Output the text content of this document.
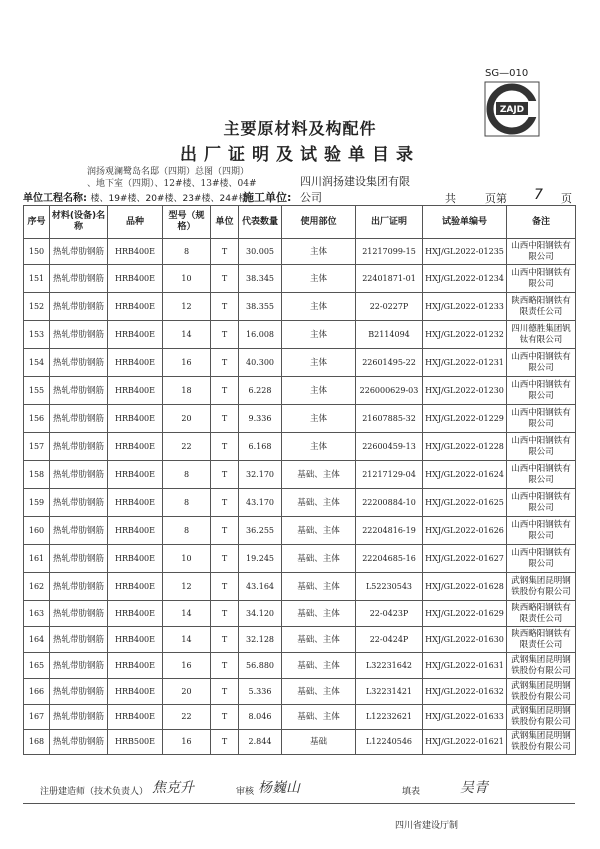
SG—010
ZAJD
主要原材料及构配件
出厂证明及试验单目录
润扬观澜鹭岛名邸（四期）总图（四期）
、地下室（四期）、12#楼、13#楼、04#
单位工程名称: 楼、19#楼、20#楼、23#楼、24#楼
四川润扬建设集团有限
施工单位: 公司	共	页第 7 页
序号	材料(设备)名称	品种	型号（规格）	单位	代表数量	使用部位	出厂证明	试验单编号	备注
150	热轧带肋钢筋	HRB400E	8	T	30.005	主体	21217099-15	HXJ/GL2022-01235	山西中阳钢铁有限公司
151	热轧带肋钢筋	HRB400E	10	T	38.345	主体	22401871-01	HXJ/GL2022-01234	山西中阳钢铁有限公司
152	热轧带肋钢筋	HRB400E	12	T	38.355	主体	22-0227P	HXJ/GL2022-01233	陕西略阳钢铁有限责任公司
153	热轧带肋钢筋	HRB400E	14	T	16.008	主体	B2114094	HXJ/GL2022-01232	四川德胜集团钒钛有限公司
154	热轧带肋钢筋	HRB400E	16	T	40.300	主体	22601495-22	HXJ/GL2022-01231	山西中阳钢铁有限公司
155	热轧带肋钢筋	HRB400E	18	T	6.228	主体	226000629-03	HXJ/GL2022-01230	山西中阳钢铁有限公司
156	热轧带肋钢筋	HRB400E	20	T	9.336	主体	21607885-32	HXJ/GL2022-01229	山西中阳钢铁有限公司
157	热轧带肋钢筋	HRB400E	22	T	6.168	主体	22600459-13	HXJ/GL2022-01228	山西中阳钢铁有限公司
158	热轧带肋钢筋	HRB400E	8	T	32.170	基础、主体	21217129-04	HXJ/GL2022-01624	山西中阳钢铁有限公司
159	热轧带肋钢筋	HRB400E	8	T	43.170	基础、主体	22200884-10	HXJ/GL2022-01625	山西中阳钢铁有限公司
160	热轧带肋钢筋	HRB400E	8	T	36.255	基础、主体	22204816-19	HXJ/GL2022-01626	山西中阳钢铁有限公司
161	热轧带肋钢筋	HRB400E	10	T	19.245	基础、主体	22204685-16	HXJ/GL2022-01627	山西中阳钢铁有限公司
162	热轧带肋钢筋	HRB400E	12	T	43.164	基础、主体	L52230543	HXJ/GL2022-01628	武钢集团昆明钢铁股份有限公司
163	热轧带肋钢筋	HRB400E	14	T	34.120	基础、主体	22-0423P	HXJ/GL2022-01629	陕西略阳钢铁有限责任公司
164	热轧带肋钢筋	HRB400E	14	T	32.128	基础、主体	22-0424P	HXJ/GL2022-01630	陕西略阳钢铁有限责任公司
165	热轧带肋钢筋	HRB400E	16	T	56.880	基础、主体	L32231642	HXJ/GL2022-01631	武钢集团昆明钢铁股份有限公司
166	热轧带肋钢筋	HRB400E	20	T	5.336	基础、主体	L32231421	HXJ/GL2022-01632	武钢集团昆明钢铁股份有限公司
167	热轧带肋钢筋	HRB400E	22	T	8.046	基础、主体	L12232621	HXJ/GL2022-01633	武钢集团昆明钢铁股份有限公司
168	热轧带肋钢筋	HRB500E	16	T	2.844	基础	L12240546	HXJ/GL2022-01621	武钢集团昆明钢铁股份有限公司
注册建造师（技术负责人） 焦克升	审核 杨巍山	填表	吴青
四川省建设厅制
